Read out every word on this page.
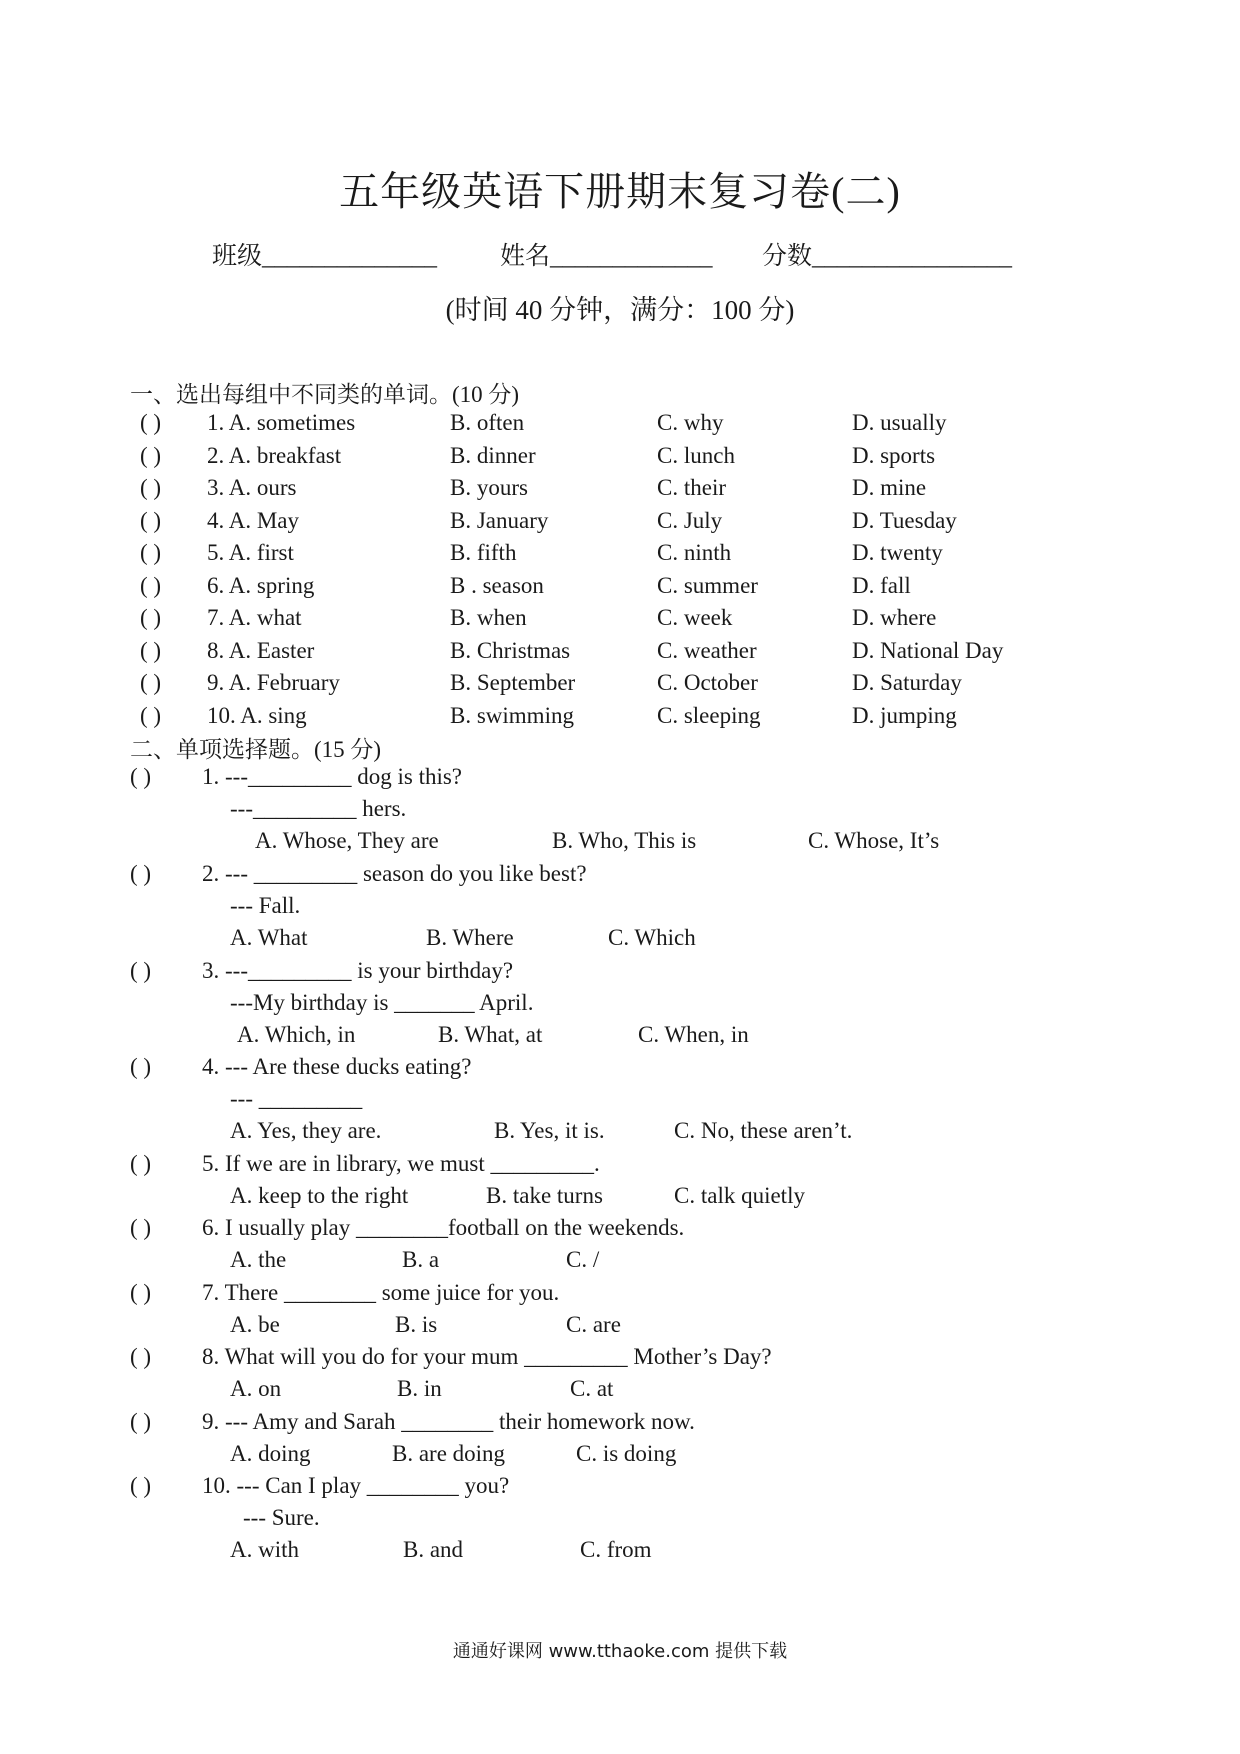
五年级英语下册期末复习卷(二)
班级______________	姓名_____________ 分数________________
(时间 40 分钟，满分：100 分)
一、选出每组中不同类的单词。(10 分)
( ) 1. A. sometimes	B. often	C. why	D. usually
( ) 2. A. breakfast	B. dinner	C. lunch	D. sports
( ) 3. A. ours	B. yours	C. their	D. mine
( ) 4. A. May	B. January	C. July	D. Tuesday
( ) 5. A. first	B. fifth	C. ninth	D. twenty
( ) 6. A. spring	B . season	C. summer	D. fall
( ) 7. A. what	B. when	C. week	D. where
( ) 8. A. Easter	B. Christmas	C. weather	D. National Day
( ) 9. A. February	B. September	C. October	D. Saturday
( ) 10. A. sing	B. swimming	C. sleeping	D. jumping
二、单项选择题。(15 分)
( ) 1. ---_________ dog is this?
---_________ hers.
A. Whose, They are	B. Who, This is	C. Whose, It’s
( ) 2. --- _________ season do you like best?
--- Fall.
A. What	B. Where	C. Which
( ) 3. ---_________ is your birthday?
---My birthday is _______ April.
A. Which, in	B. What, at	C. When, in
( ) 4. --- Are these ducks eating?
--- _________
A. Yes, they are.	B. Yes, it is.	C. No, these aren’t.
( ) 5. If we are in library, we must _________.
A. keep to the right	B. take turns	C. talk quietly
( ) 6. I usually play ________football on the weekends.
A. the	B. a	C. /
( ) 7. There ________ some juice for you.
A. be	B. is	C. are
( ) 8. What will you do for your mum _________ Mother’s Day?
A. on	B. in	C. at
( ) 9. --- Amy and Sarah ________ their homework now.
A. doing	B. are doing	C. is doing
( ) 10. --- Can I play ________ you?
--- Sure.
A. with	B. and	C. from
通通好课网 www.tthaoke.com 提供下载
